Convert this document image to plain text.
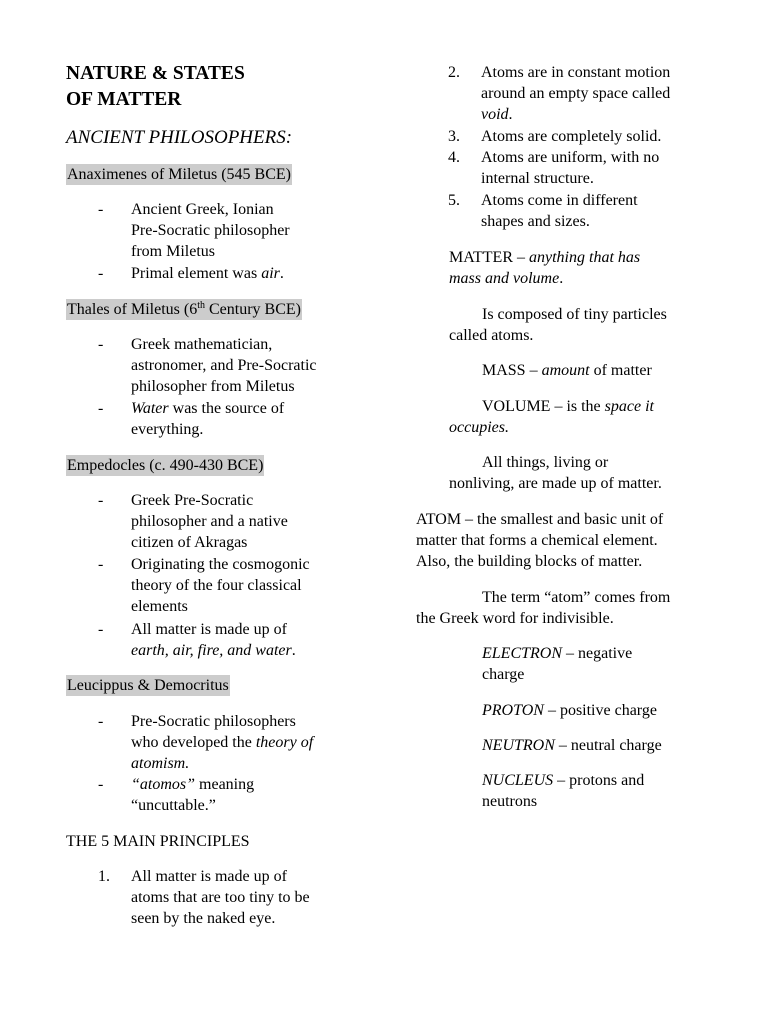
NATURE & STATES
OF MATTER
ANCIENT PHILOSOPHERS:
Anaximenes of Miletus (545 BCE)
- Ancient Greek, Ionian
Pre-Socratic philosopher
from Miletus
- Primal element was air.
Thales of Miletus (6th Century BCE)
- Greek mathematician,
astronomer, and Pre-Socratic
philosopher from Miletus
- Water was the source of
everything.
Empedocles (c. 490-430 BCE)
- Greek Pre-Socratic
philosopher and a native
citizen of Akragas
- Originating the cosmogonic
theory of the four classical
elements
- All matter is made up of
earth, air, fire, and water.
Leucippus & Democritus
- Pre-Socratic philosophers
who developed the theory of
atomism.
- “atomos” meaning
“uncuttable.”
THE 5 MAIN PRINCIPLES
1. All matter is made up of
atoms that are too tiny to be
seen by the naked eye.
2. Atoms are in constant motion
around an empty space called
void.
3. Atoms are completely solid.
4. Atoms are uniform, with no
internal structure.
5. Atoms come in different
shapes and sizes.
MATTER – anything that has
mass and volume.
Is composed of tiny particles
called atoms.
MASS – amount of matter
VOLUME – is the space it
occupies.
All things, living or
nonliving, are made up of matter.
ATOM – the smallest and basic unit of
matter that forms a chemical element.
Also, the building blocks of matter.
The term “atom” comes from
the Greek word for indivisible.
ELECTRON – negative
charge
PROTON – positive charge
NEUTRON – neutral charge
NUCLEUS – protons and
neutrons
